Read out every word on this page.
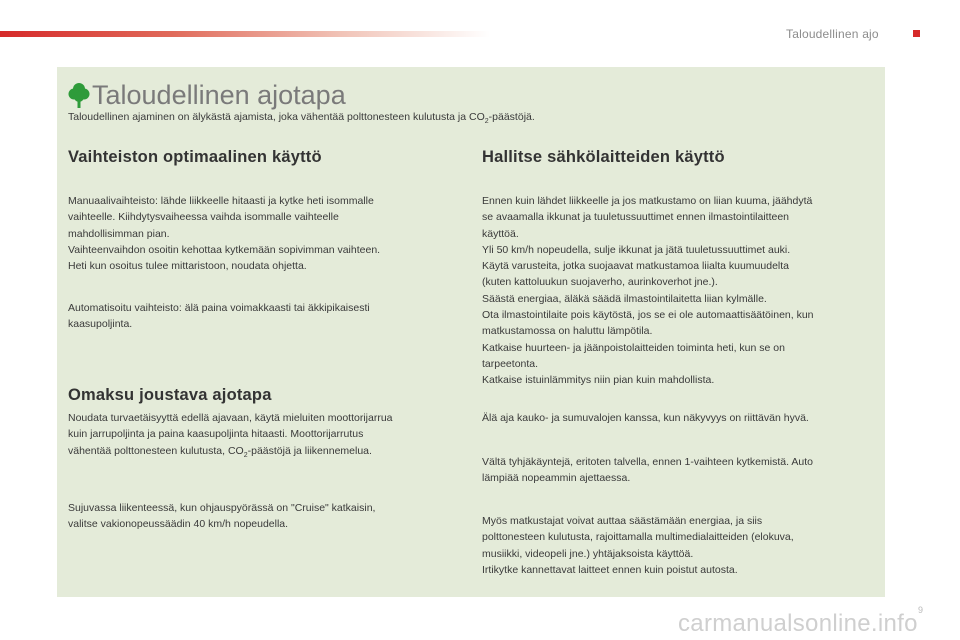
Taloudellinen ajo
Taloudellinen ajotapa
Taloudellinen ajaminen on älykästä ajamista, joka vähentää polttonesteen kulutusta ja $CO_2$-päästöjä.
Vaihteiston optimaalinen käyttö

Manuaalivaihteisto: lähde liikkeelle hitaasti ja kytke heti isommalle

vaihteelle. Kiihdytysvaiheessa vaihda isommalle vaihteelle

mahdollisimman pian.

Vaihteenvaihdon osoitin kehottaa kytkemään sopivimman vaihteen.

Heti kun osoitus tulee mittaristoon, noudata ohjetta.

Automatisoitu vaihteisto: älä paina voimakkaasti tai äkkipikaisesti

kaasupoljinta.

Omaksu joustava ajotapa

Noudata turvaetäisyyttä edellä ajavaan, käytä mieluiten moottorijarrua

kuin jarrupoljinta ja paina kaasupoljinta hitaasti. Moottorijarrutus

vähentää polttonesteen kulutusta, $CO_2$-päästöjä ja liikennemelua.

Sujuvassa liikenteessä, kun ohjauspyörässä on "Cruise" katkaisin,

valitse vakionopeussäädin 40 km/h nopeudella.

Hallitse sähkölaitteiden käyttö

Ennen kuin lähdet liikkeelle ja jos matkustamo on liian kuuma, jäähdytä

se avaamalla ikkunat ja tuuletussuuttimet ennen ilmastointilaitteen

käyttöä.

Yli 50 km/h nopeudella, sulje ikkunat ja jätä tuuletussuuttimet auki.

Käytä varusteita, jotka suojaavat matkustamoa liialta kuumuudelta

(kuten kattoluukun suojaverho, aurinkoverhot jne.).

Säästä energiaa, äläkä säädä ilmastointilaitetta liian kylmälle.

Ota ilmastointilaite pois käytöstä, jos se ei ole automaattisäätöinen, kun

matkustamossa on haluttu lämpötila.

Katkaise huurteen- ja jäänpoistolaitteiden toiminta heti, kun se on

tarpeetonta.

Katkaise istuinlämmitys niin pian kuin mahdollista.

Älä aja kauko- ja sumuvalojen kanssa, kun näkyvyys on riittävän hyvä.

Vältä tyhjäkäyntejä, eritoten talvella, ennen 1-vaihteen kytkemistä. Auto

lämpiää nopeammin ajettaessa.

Myös matkustajat voivat auttaa säästämään energiaa, ja siis

polttonesteen kulutusta, rajoittamalla multimedialaitteiden (elokuva,

musiikki, videopeli jne.) yhtäjaksoista käyttöä.

Irtikytke kannettavat laitteet ennen kuin poistut autosta.

9
carmanualsonline.info
